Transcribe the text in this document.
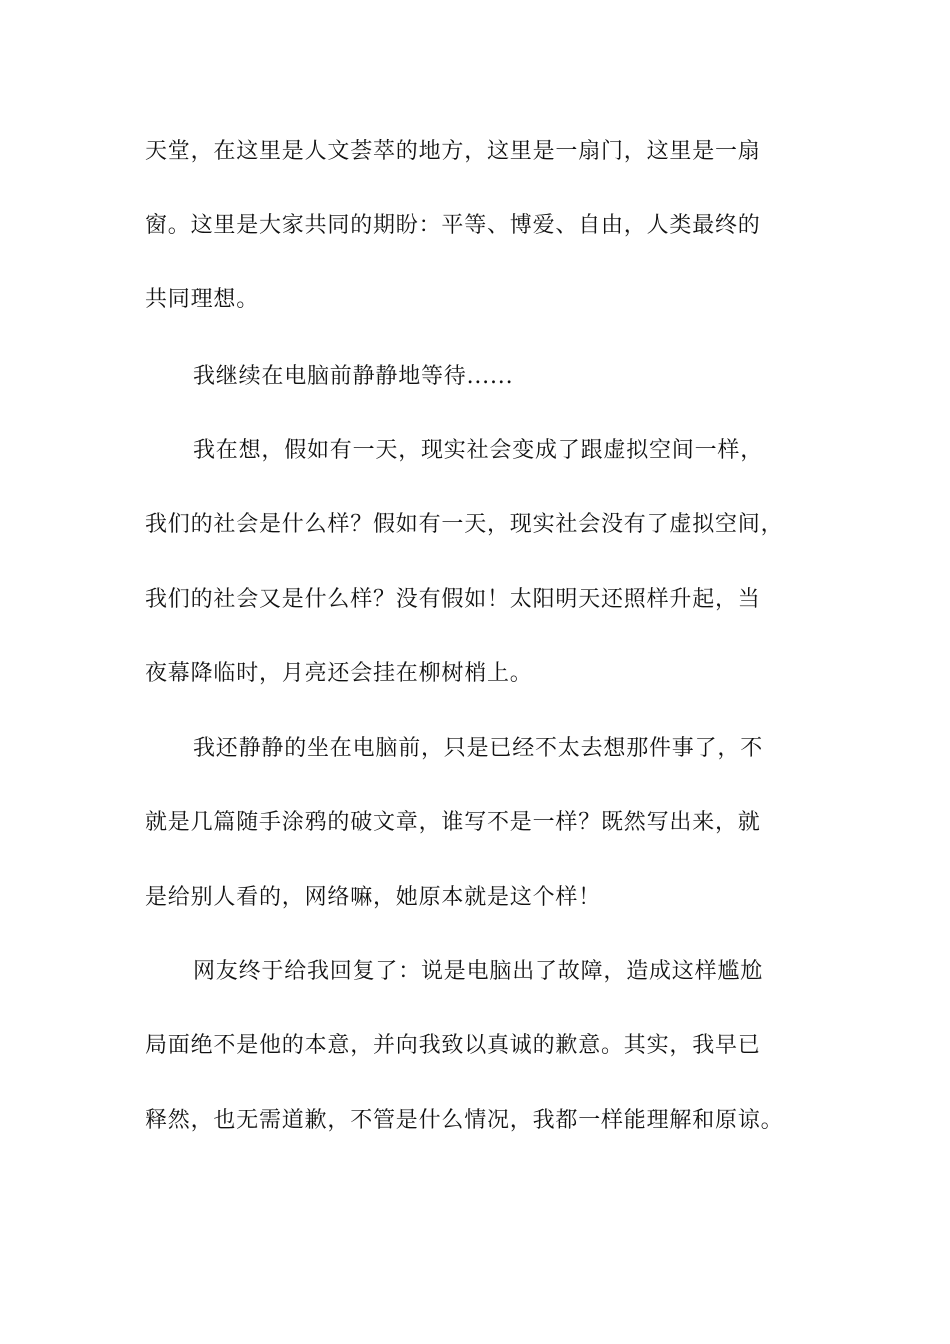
天堂，在这里是人文荟萃的地方，这里是一扇门，这里是一扇

窗。这里是大家共同的期盼：平等、博爱、自由，人类最终的

共同理想。

我继续在电脑前静静地等待......

我在想，假如有一天，现实社会变成了跟虚拟空间一样，

我们的社会是什么样？假如有一天，现实社会没有了虚拟空间，

我们的社会又是什么样？没有假如！太阳明天还照样升起，当

夜幕降临时，月亮还会挂在柳树梢上。

我还静静的坐在电脑前，只是已经不太去想那件事了，不

就是几篇随手涂鸦的破文章，谁写不是一样？既然写出来，就

是给别人看的，网络嘛，她原本就是这个样！

网友终于给我回复了：说是电脑出了故障，造成这样尴尬

局面绝不是他的本意，并向我致以真诚的歉意。其实，我早已

释然，也无需道歉，不管是什么情况，我都一样能理解和原谅。
